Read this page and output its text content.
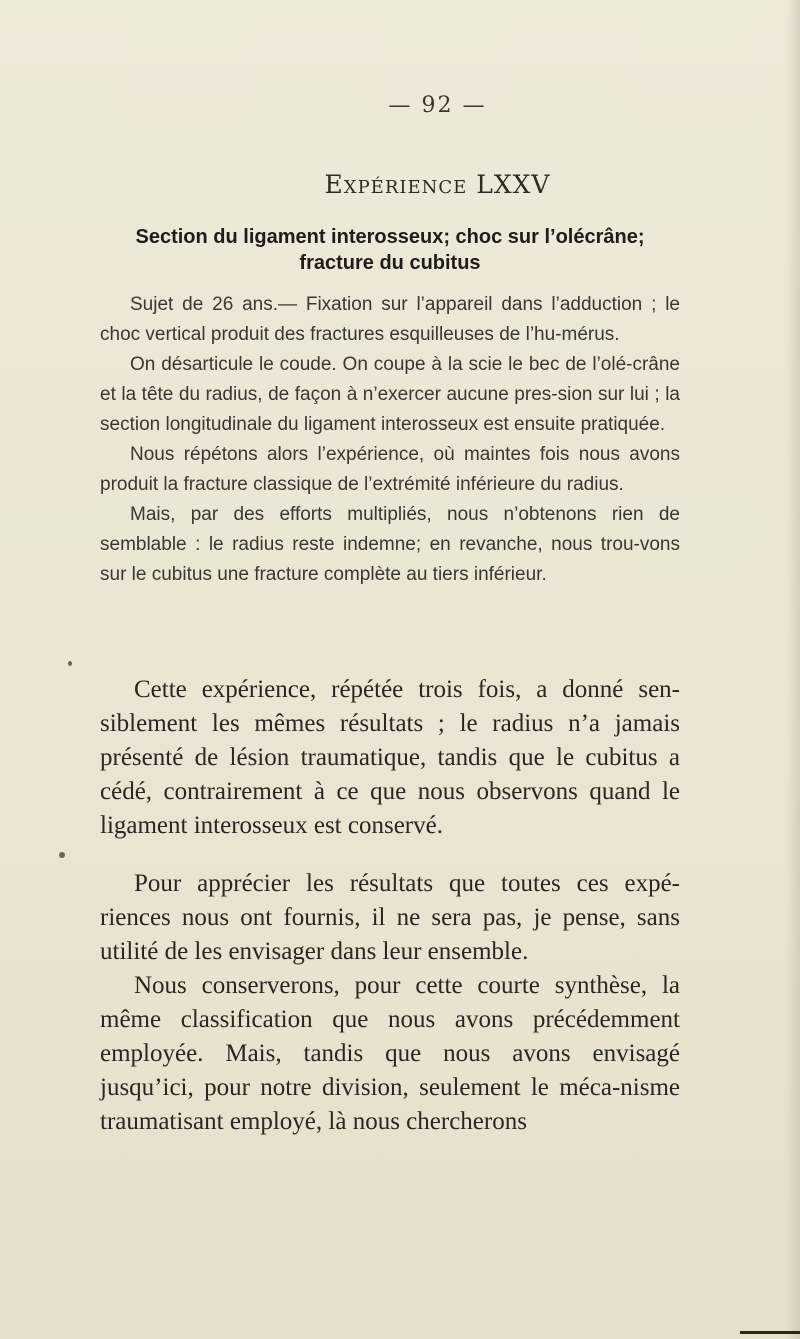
— 92 —
Expérience LXXV
Section du ligament interosseux; choc sur l’olécrâne;
fracture du cubitus

Sujet de 26 ans.— Fixation sur l’appareil dans l’adduction ; le choc vertical produit des fractures esquilleuses de l’hu-mérus.

On désarticule le coude. On coupe à la scie le bec de l’olé-crâne et la tête du radius, de façon à n’exercer aucune pres-sion sur lui ; la section longitudinale du ligament interosseux est ensuite pratiquée.

Nous répétons alors l’expérience, où maintes fois nous avons produit la fracture classique de l’extrémité inférieure du radius.

Mais, par des efforts multipliés, nous n’obtenons rien de semblable : le radius reste indemne; en revanche, nous trou-vons sur le cubitus une fracture complète au tiers inférieur.

Cette expérience, répétée trois fois, a donné sen-siblement les mêmes résultats ; le radius n’a jamais présenté de lésion traumatique, tandis que le cubitus a cédé, contrairement à ce que nous observons quand le ligament interosseux est conservé.

Pour apprécier les résultats que toutes ces expé-riences nous ont fournis, il ne sera pas, je pense, sans utilité de les envisager dans leur ensemble.

Nous conserverons, pour cette courte synthèse, la même classification que nous avons précédemment employée. Mais, tandis que nous avons envisagé jusqu’ici, pour notre division, seulement le méca-nisme traumatisant employé, là nous chercherons
